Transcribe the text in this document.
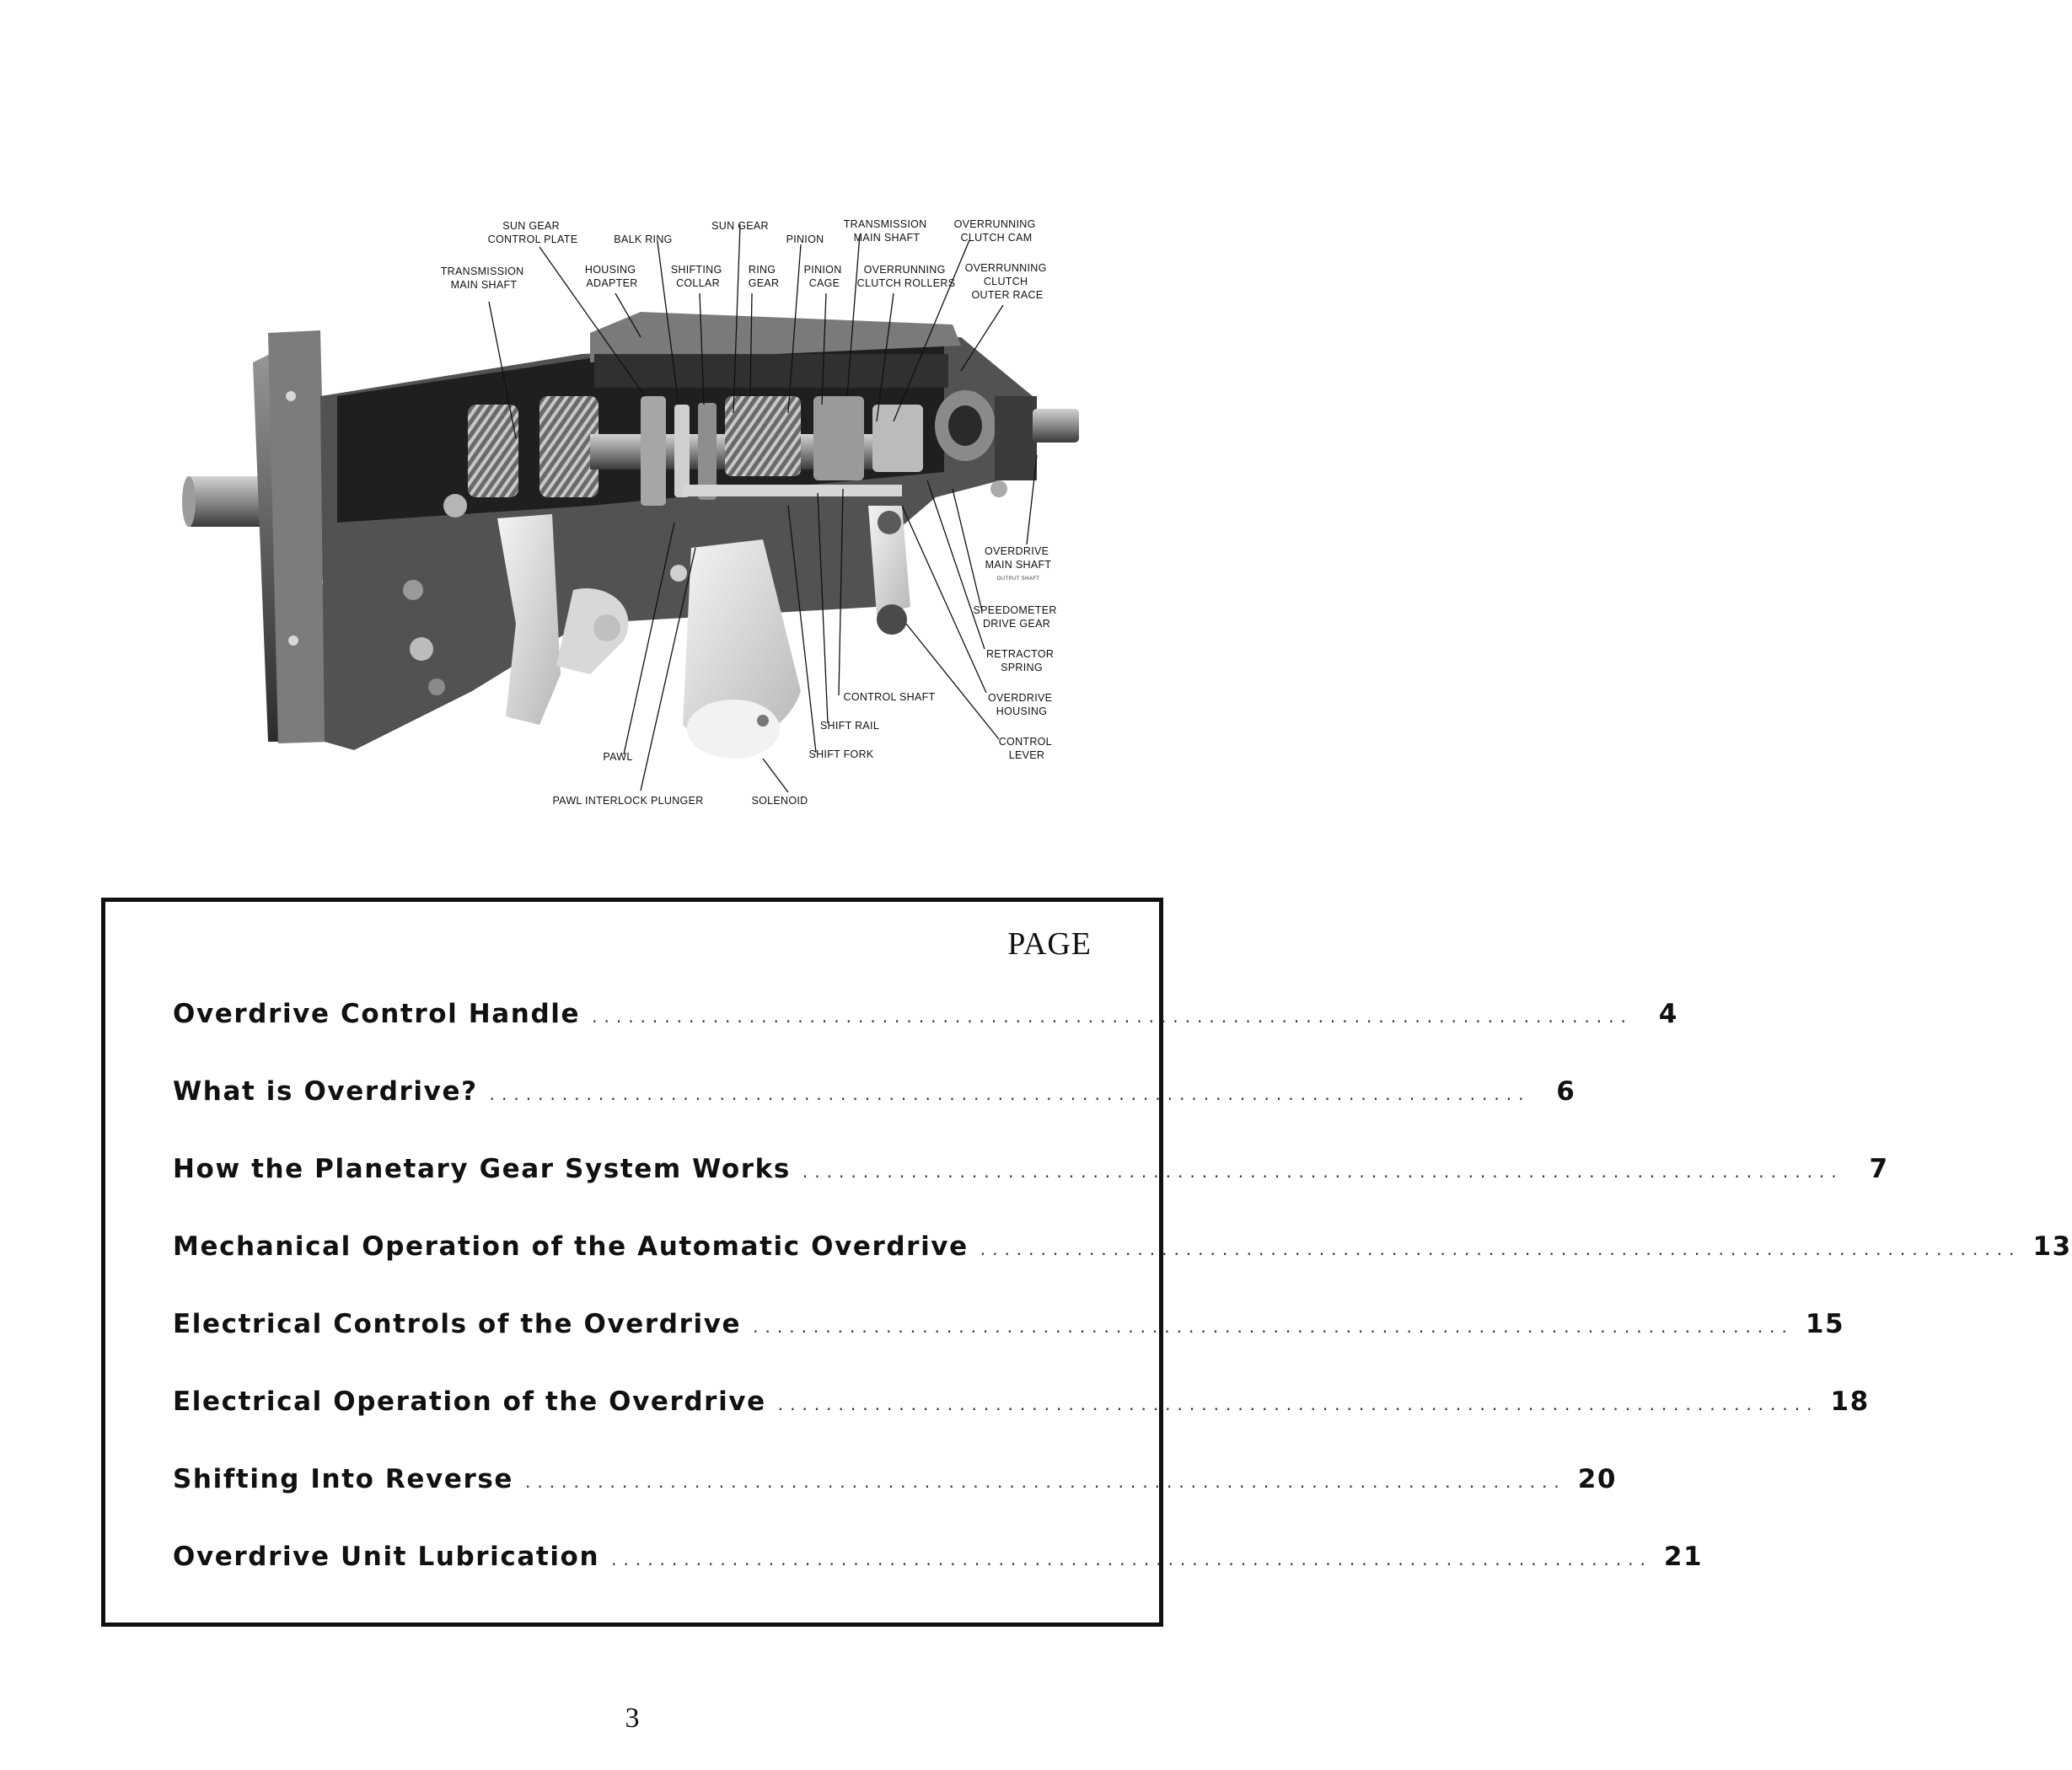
SUN GEAR CONTROL PLATE	BALK RING
SUN GEAR
PINION
TRANSMISSION MAIN SHAFT
OVERRUNNING CLUTCH CAM
TRANSMISSION MAIN SHAFT
HOUSING ADAPTER
SHIFTING COLLAR
RING GEAR
PINION CAGE
OVERRUNNING CLUTCH ROLLERS
OVERRUNNING CLUTCH OUTER RACE
OVERDRIVE MAIN SHAFT
OUTPUT SHAFT
SPEEDOMETER DRIVE GEAR
RETRACTOR SPRING
OVERDRIVE HOUSING
CONTROL LEVER
CONTROL SHAFT
SHIFT RAIL
SHIFT FORK
PAWL
PAWL INTERLOCK PLUNGER	SOLENOID
PAGE
Overdrive Control Handle ...................................................................................... 4
What is Overdrive? ...................................................................................... 6
How the Planetary Gear System Works ...................................................................................... 7
Mechanical Operation of the Automatic Overdrive ...................................................................................... 13
Electrical Controls of the Overdrive ...................................................................................... 15
Electrical Operation of the Overdrive ...................................................................................... 18
Shifting Into Reverse ...................................................................................... 20
Overdrive Unit Lubrication ...................................................................................... 21
3
